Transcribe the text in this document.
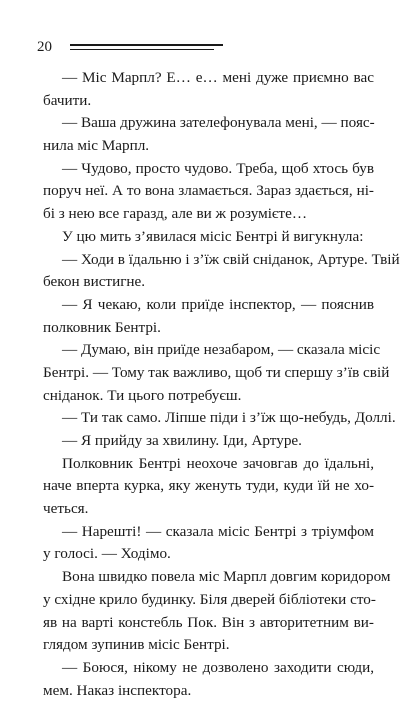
20
— Міс Марпл? Е… е… мені дуже приємно вас
бачити.
— Ваша дружина зателефонувала мені, — пояс-
нила міс Марпл.
— Чудово, просто чудово. Треба, щоб хтось був
поруч неї. А то вона зламається. Зараз здається, ні-
бі з нею все гаразд, але ви ж розумієте…
У цю мить з’явилася місіс Бентрі й вигукнула:
— Ходи в їдальню і з’їж свій сніданок, Артуре. Твій
бекон вистигне.
— Я чекаю, коли приїде інспектор, — пояснив
полковник Бентрі.
— Думаю, він приїде незабаром, — сказала місіс
Бентрі. — Тому так важливо, щоб ти спершу з’їв свій
сніданок. Ти цього потребуєш.
— Ти так само. Ліпше піди і з’їж що-небудь, Доллі.
— Я прийду за хвилину. Іди, Артуре.
Полковник Бентрі неохоче зачовгав до їдальні,
наче вперта курка, яку женуть туди, куди їй не хо-
четься.
— Нарешті! — сказала місіс Бентрі з тріумфом
у голосі. — Ходімо.
Вона швидко повела міс Марпл довгим коридором
у східне крило будинку. Біля дверей бібліотеки сто-
яв на варті констебль Пок. Він з авторитетним ви-
глядом зупинив місіс Бентрі.
— Боюся, нікому не дозволено заходити сюди,
мем. Наказ інспектора.
